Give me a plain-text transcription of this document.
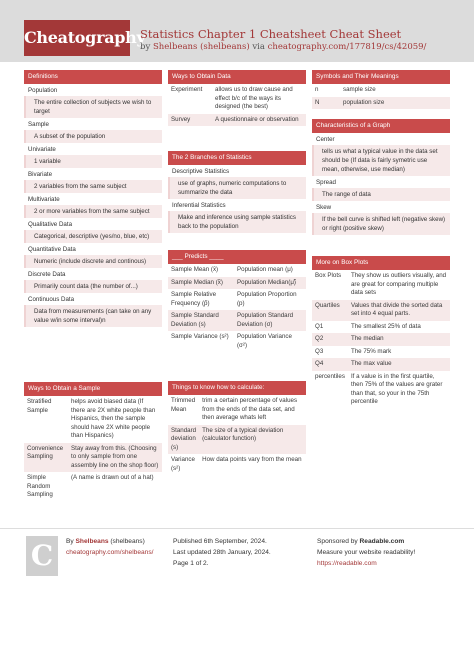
Cheatography
Statistics Chapter 1 Cheatsheet Cheat Sheet
by Shelbeans (shelbeans) via cheatography.com/177819/cs/42059/
Definitions
Population
The entire collection of subjects we wish to target
Sample
A subset of the population
Univariate
1 variable
Bivariate
2 variables from the same subject
Multivariate
2 or more variables from the same subject
Qualitative Data
Categorical, descriptive (yes/no, blue, etc)
Quantitative Data
Numeric (include discrete and continous)
Discrete Data
Primarily count data (the number of...)
Continuous Data
Data from measurements (can take on any value w/in some interval)n
Ways to Obtain a Sample
Stratified Sample	helps avoid biased data (If there are 2X white people than Hispanics, then the sample should have 2X white people than Hispanics)
Convenience Sampling	Stay away from this. (Choosing to only sample from one assembly line on the shop floor)
Simple Random Sampling	(A name is drawn out of a hat)
Ways to Obtain Data
Experiment	allows us to draw cause and effect b/c of the ways its designed (the best)
Survey	A questionnaire or observation
The 2 Branches of Statistics
Descriptive Statistics
use of graphs, numeric computations to summarize the data
Inferential Statistics
Make and inference using sample statistics back to the population
___ Predicts ____
Sample Mean (x̄)	Population mean (μ)
Sample Median (x̃)	Population Median(μ̃)
Sample Relative Frequency (p̂)	Population Proportion (p)
Sample Standard Deviation (s)	Population Standard Deviation (σ)
Sample Variance (s²)	Population Variance (σ²)
Things to know how to calculate:
Trimmed Mean	trim a certain percentage of values from the ends of the data set, and then average whats left
Standard deviation (s)	The size of a typical deviation (calculator function)
Variance (s²)	How data points vary from the mean
Symbols and Their Meanings
n	sample size
N	population size
Characteristics of a Graph
Center
tells us what a typical value in the data set should be (If data is fairly symetric use mean, otherwise, use median)
Spread
The range of data
Skew
If the bell curve is shifted left (negative skew) or right (positive skew)
More on Box Plots
Box Plots	They show us outliers visually, and are great for comparing multiple data sets
Quartiles	Values that divide the sorted data set into 4 equal parts.
Q1	The smallest 25% of data
Q2	The median
Q3	The 75% mark
Q4	The max value
percentiles	If a value is in the first quartile, then 75% of the values are grater than that, so your in the 75th percentile
C	By Shelbeans (shelbeans)
cheatography.com/shelbeans/
Published 6th September, 2024.
Last updated 28th January, 2024.
Page 1 of 2.
Sponsored by Readable.com
Measure your website readability!
https://readable.com
